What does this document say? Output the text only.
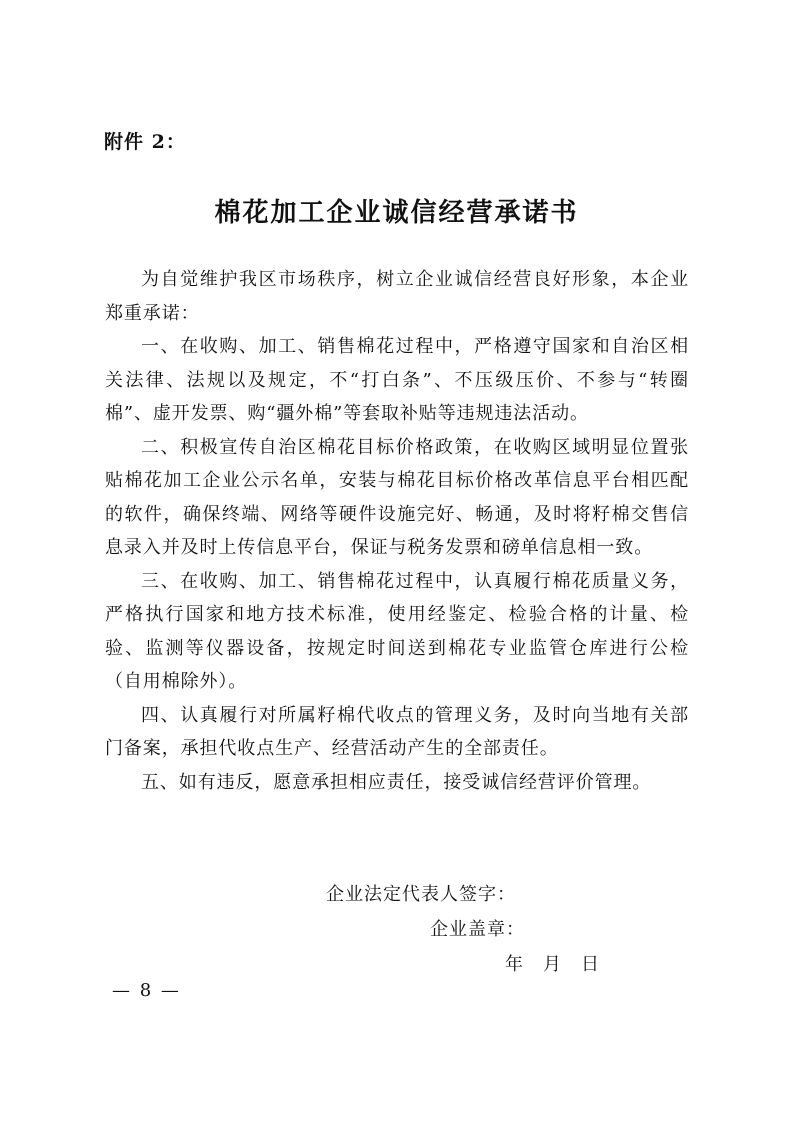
附件 2：
棉花加工企业诚信经营承诺书

为自觉维护我区市场秩序，树立企业诚信经营良好形象，本企业郑重承诺：

一、在收购、加工、销售棉花过程中，严格遵守国家和自治区相关法律、法规以及规定，不“打白条”、不压级压价、不参与“转圈棉”、虚开发票、购“疆外棉”等套取补贴等违规违法活动。

二、积极宣传自治区棉花目标价格政策，在收购区域明显位置张贴棉花加工企业公示名单，安装与棉花目标价格改革信息平台相匹配的软件，确保终端、网络等硬件设施完好、畅通，及时将籽棉交售信息录入并及时上传信息平台，保证与税务发票和磅单信息相一致。

三、在收购、加工、销售棉花过程中，认真履行棉花质量义务，严格执行国家和地方技术标准，使用经鉴定、检验合格的计量、检验、监测等仪器设备，按规定时间送到棉花专业监管仓库进行公检（自用棉除外）。

四、认真履行对所属籽棉代收点的管理义务，及时向当地有关部门备案，承担代收点生产、经营活动产生的全部责任。

五、如有违反，愿意承担相应责任，接受诚信经营评价管理。

企业法定代表人签字：
企业盖章：
年　月　日
— 8 —
